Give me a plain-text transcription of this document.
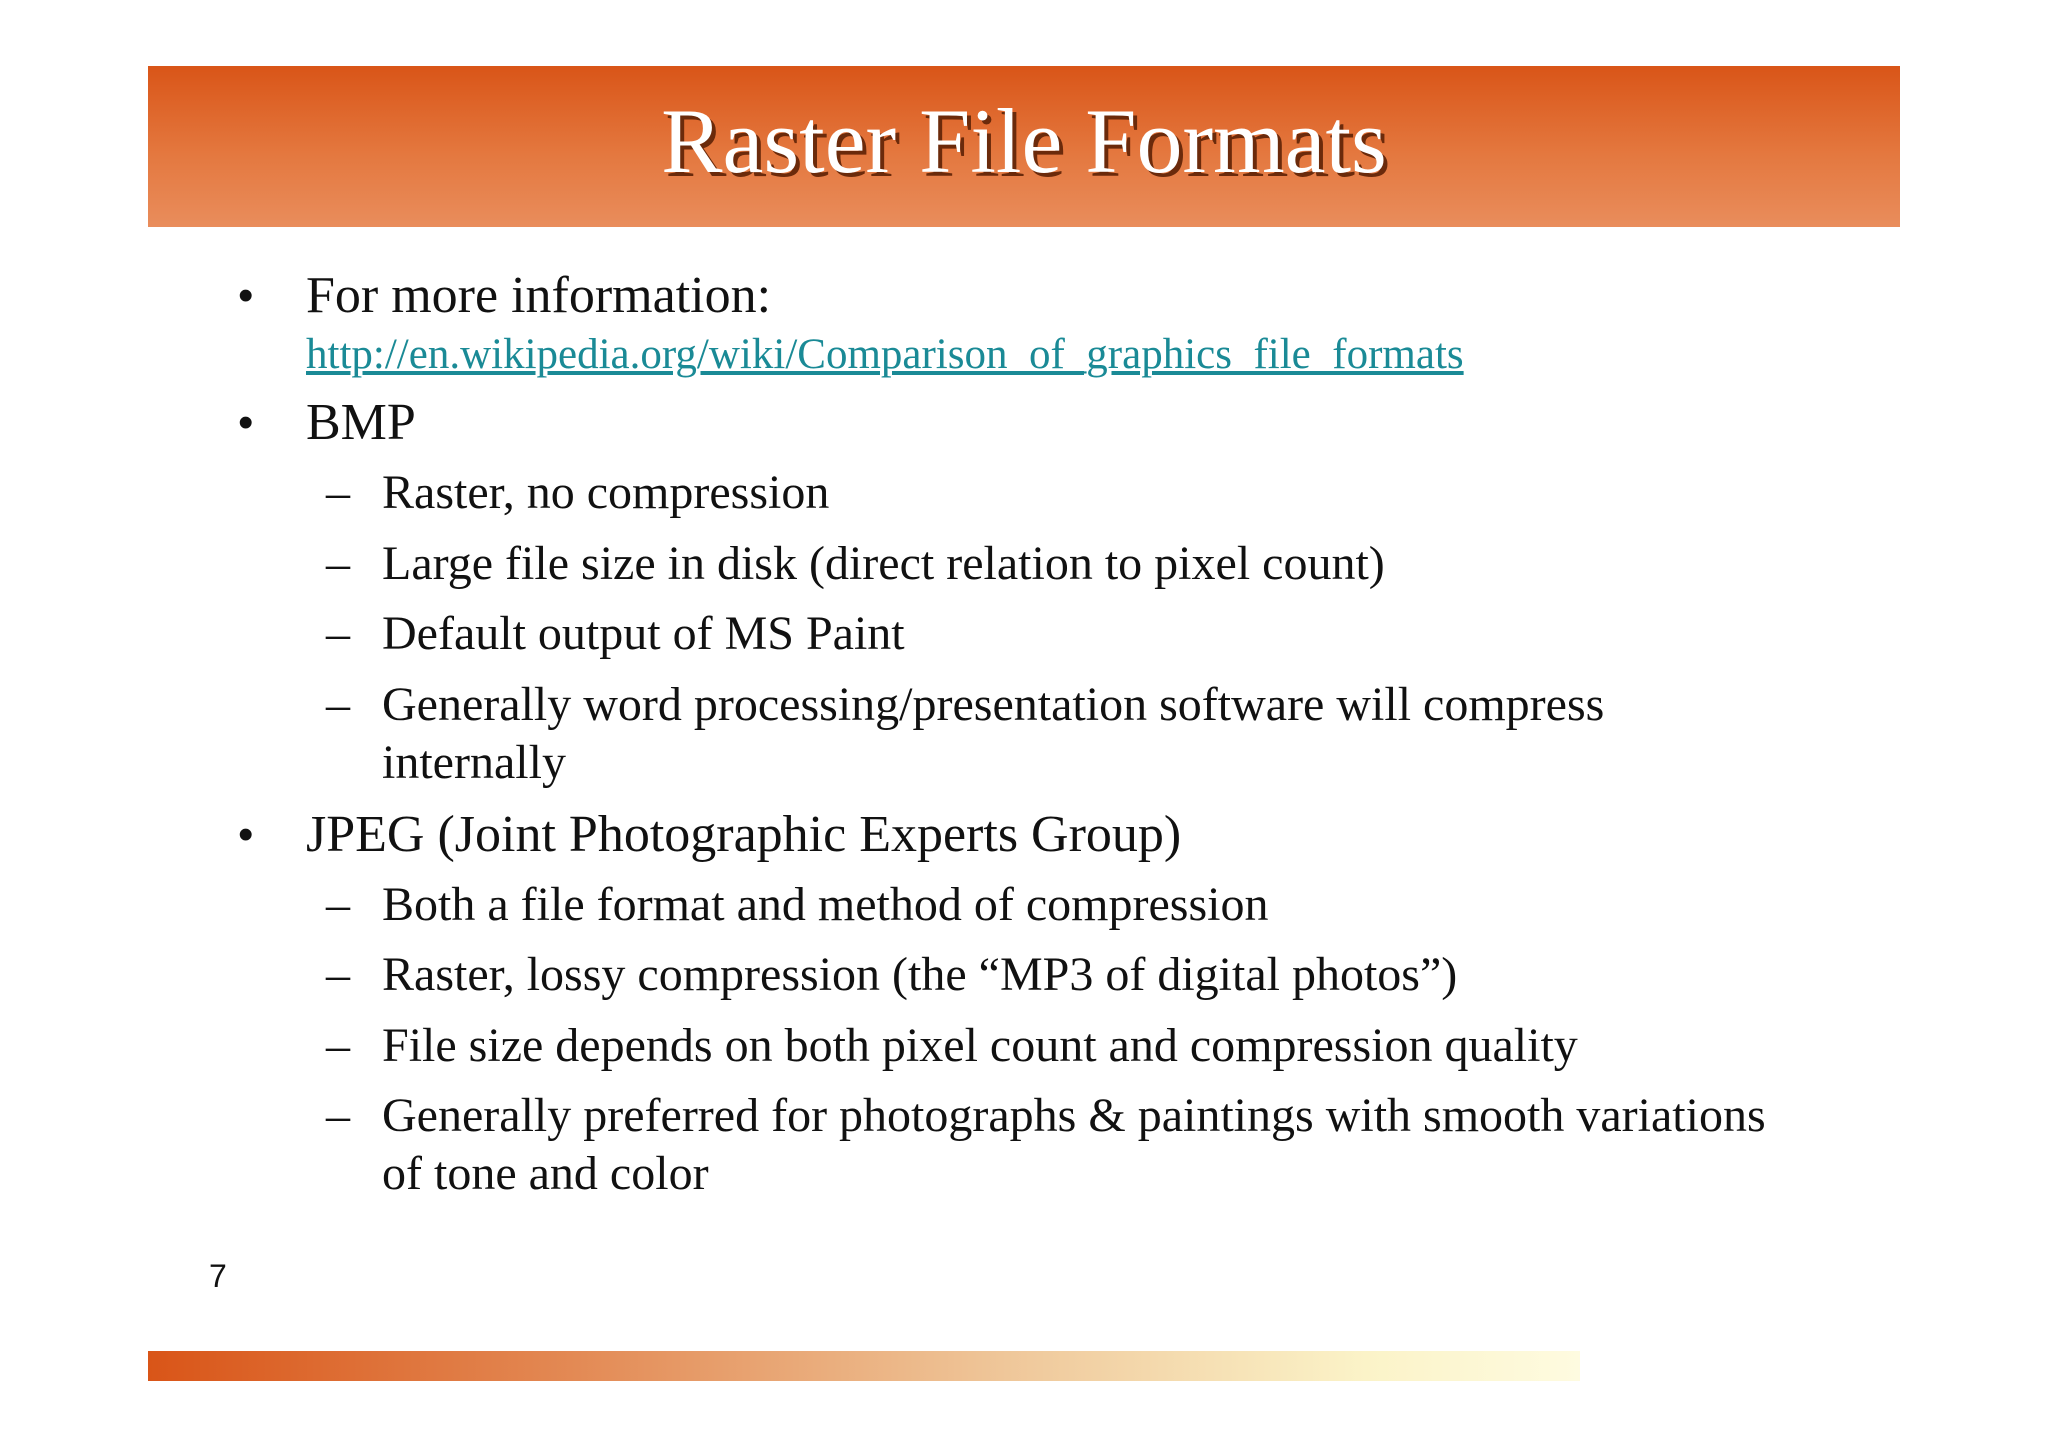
Raster File Formats
• For more information:
http://en.wikipedia.org/wiki/Comparison_of_graphics_file_formats
• BMP
– Raster, no compression
– Large file size in disk (direct relation to pixel count)
– Default output of MS Paint
– Generally word processing/presentation software will compress internally
• JPEG (Joint Photographic Experts Group)
– Both a file format and method of compression
– Raster, lossy compression (the “MP3 of digital photos”)
– File size depends on both pixel count and compression quality
– Generally preferred for photographs & paintings with smooth variations of tone and color
7
